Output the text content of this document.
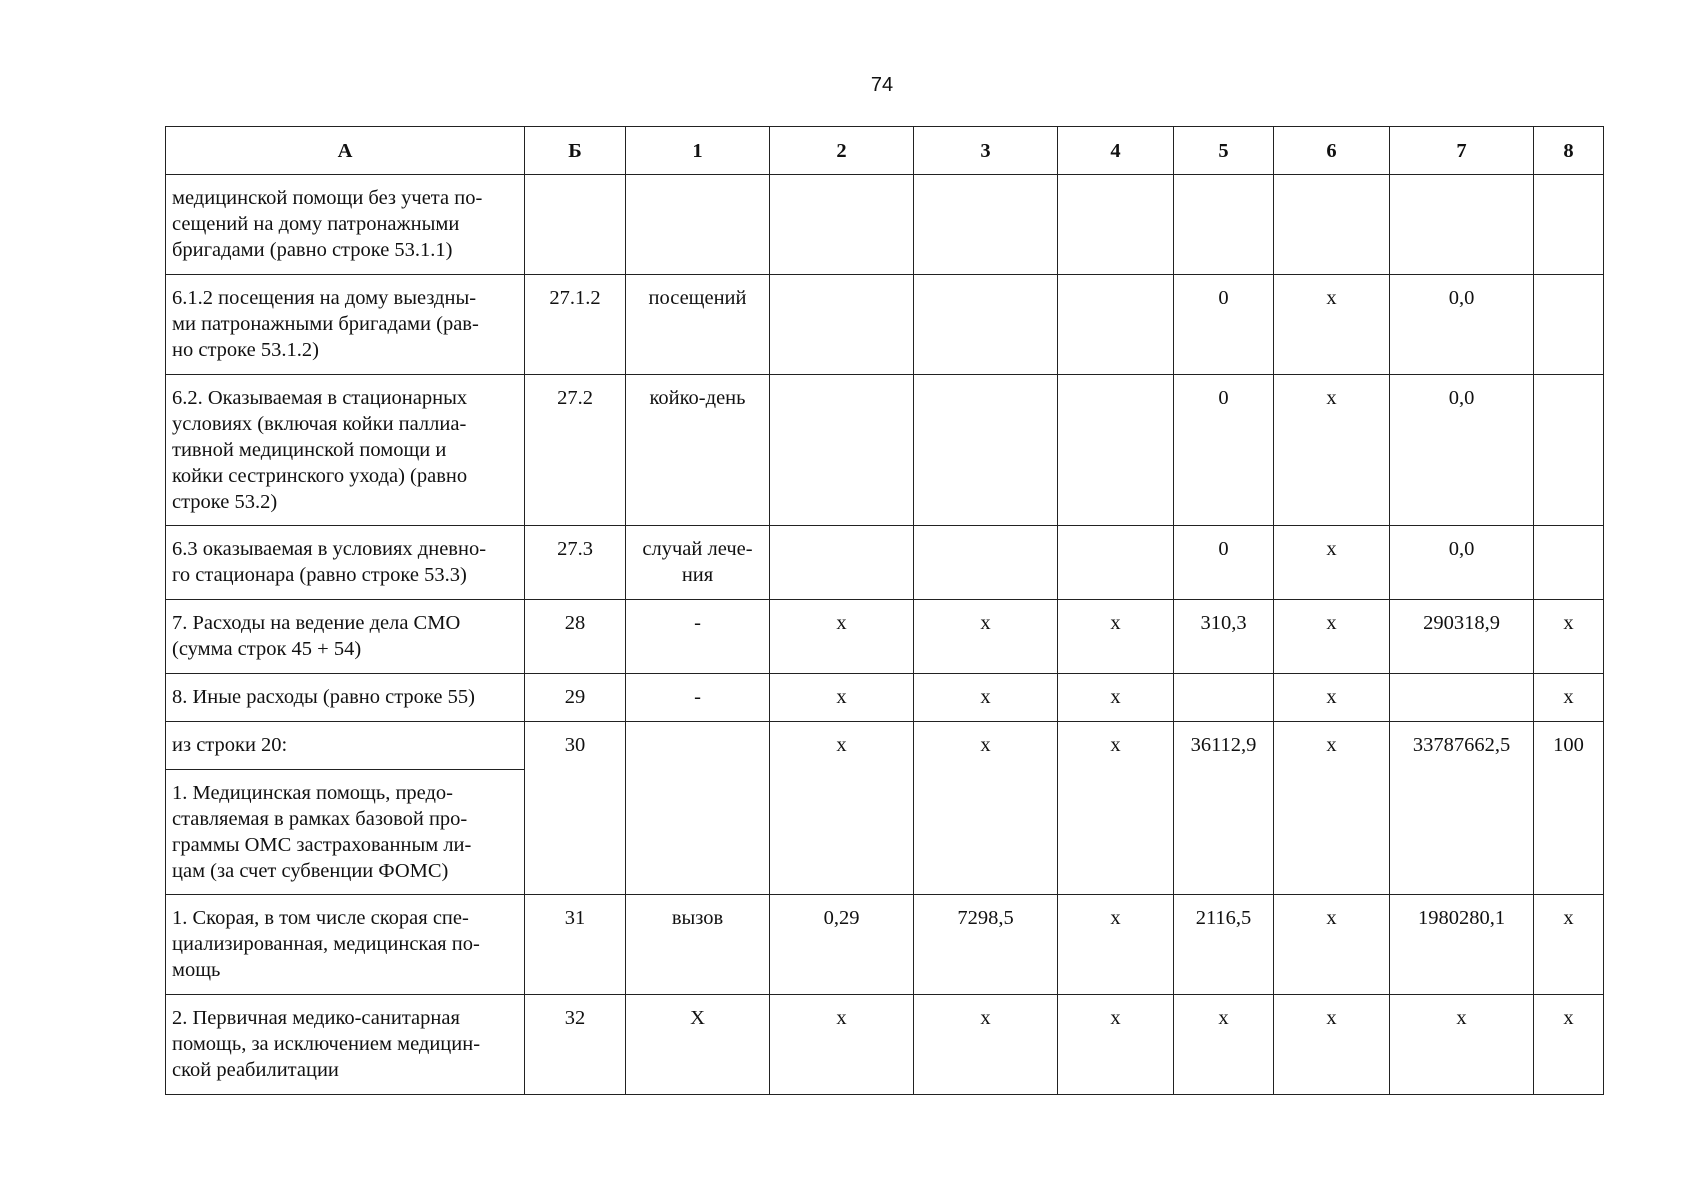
74
А	Б	1	2	3	4	5	6	7	8
медицинской помощи без учета по-
сещений на дому патронажными
бригадами (равно строке 53.1.1)									
6.1.2 посещения на дому выездны-
ми патронажными бригадами (рав-
но строке 53.1.2)	27.1.2	посещений				0	х	0,0	
6.2. Оказываемая в стационарных
условиях (включая койки паллиа-
тивной медицинской помощи и
койки сестринского ухода) (равно
строке 53.2)	27.2	койко-день				0	х	0,0	
6.3 оказываемая в условиях дневно-
го стационара (равно строке 53.3)	27.3	случай лече-
ния				0	х	0,0	
7. Расходы на ведение дела СМО
(сумма строк 45 + 54)	28	-	х	х	х	310,3	х	290318,9	х
8. Иные расходы (равно строке 55)	29	-	х	х	х		х		х
из строки 20:	30		х	х	х	36112,9	х	33787662,5	100
1. Медицинская помощь, предо-
ставляемая в рамках базовой про-
граммы ОМС застрахованным ли-
цам (за счет субвенции ФОМС)									
1. Скорая, в том числе скорая спе-
циализированная, медицинская по-
мощь	31	вызов	0,29	7298,5	х	2116,5	х	1980280,1	х
2. Первичная медико-санитарная
помощь, за исключением медицин-
ской реабилитации	32	Х	х	х	х	х	х	х	х
